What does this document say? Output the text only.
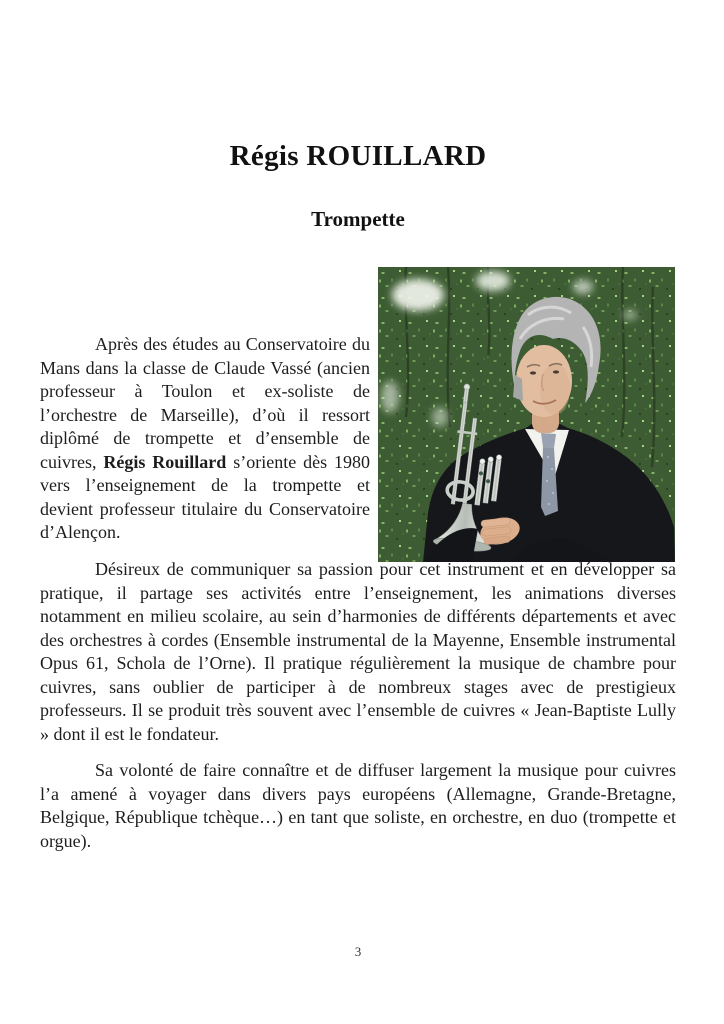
Régis ROUILLARD
Trompette

Après des études au Conservatoire du Mans dans la classe de Claude Vassé (ancien professeur à Toulon et ex-soliste de l’orchestre de Marseille), d’où il ressort diplômé de trompette et d’ensemble de cuivres, Régis Rouillard s’oriente dès 1980 vers l’enseignement de la trompette et devient professeur titulaire du Conservatoire d’Alençon.

Désireux de communiquer sa passion pour cet instrument et en développer sa pratique, il partage ses activités entre l’enseignement, les animations diverses notamment en milieu scolaire, au sein d’harmonies de différents départements et avec des orchestres à cordes (Ensemble instrumental de la Mayenne, Ensemble instrumental Opus 61, Schola de l’Orne). Il pratique régulièrement la musique de chambre pour cuivres, sans oublier de participer à de nombreux stages avec de prestigieux professeurs. Il se produit très souvent avec l’ensemble de cuivres « Jean-Baptiste Lully » dont il est le fondateur.

Sa volonté de faire connaître et de diffuser largement la musique pour cuivres l’a amené à voyager dans divers pays européens (Allemagne, Grande-Bretagne, Belgique, République tchèque…) en tant que soliste, en orchestre, en duo (trompette et orgue).

3
